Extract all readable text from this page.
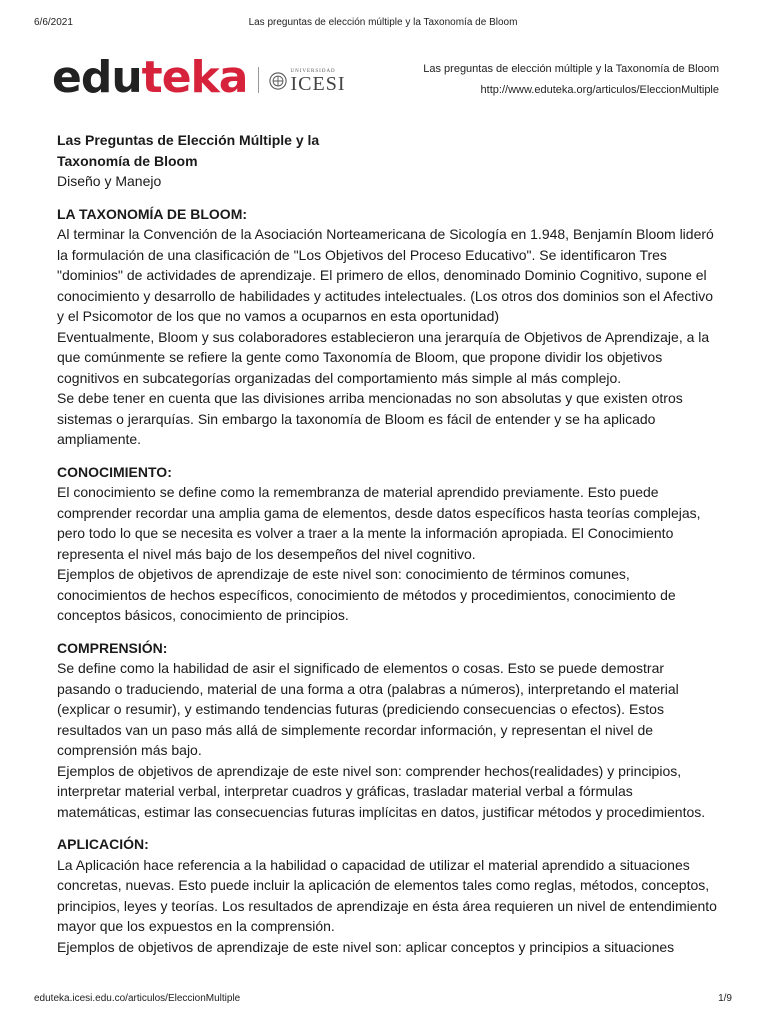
6/6/2021	Las preguntas de elección múltiple y la Taxonomía de Bloom
eduteka	UNIVERSIDAD
ICESI
Las preguntas de elección múltiple y la Taxonomía de Bloom
http://www.eduteka.org/articulos/EleccionMultiple

Las Preguntas de Elección Múltiple y la

Taxonomía de Bloom

Diseño y Manejo

LA TAXONOMÍA DE BLOOM:

Al terminar la Convención de la Asociación Norteamericana de Sicología en 1.948, Benjamín Bloom lideró la formulación de una clasificación de "Los Objetivos del Proceso Educativo". Se identificaron Tres "dominios" de actividades de aprendizaje. El primero de ellos, denominado Dominio Cognitivo, supone el conocimiento y desarrollo de habilidades y actitudes intelectuales. (Los otros dos dominios son el Afectivo y el Psicomotor de los que no vamos a ocuparnos en esta oportunidad)

Eventualmente, Bloom y sus colaboradores establecieron una jerarquía de Objetivos de Aprendizaje, a la que comúnmente se refiere la gente como Taxonomía de Bloom, que propone dividir los objetivos cognitivos en subcategorías organizadas del comportamiento más simple al más complejo.

Se debe tener en cuenta que las divisiones arriba mencionadas no son absolutas y que existen otros sistemas o jerarquías. Sin embargo la taxonomía de Bloom es fácil de entender y se ha aplicado ampliamente.

CONOCIMIENTO:

El conocimiento se define como la remembranza de material aprendido previamente. Esto puede comprender recordar una amplia gama de elementos, desde datos específicos hasta teorías complejas, pero todo lo que se necesita es volver a traer a la mente la información apropiada. El Conocimiento representa el nivel más bajo de los desempeños del nivel cognitivo.

Ejemplos de objetivos de aprendizaje de este nivel son: conocimiento de términos comunes, conocimientos de hechos específicos, conocimiento de métodos y procedimientos, conocimiento de conceptos básicos, conocimiento de principios.

COMPRENSIÓN:

Se define como la habilidad de asir el significado de elementos o cosas. Esto se puede demostrar pasando o traduciendo, material de una forma a otra (palabras a números), interpretando el material (explicar o resumir), y estimando tendencias futuras (prediciendo consecuencias o efectos). Estos resultados van un paso más allá de simplemente recordar información, y representan el nivel de comprensión más bajo.

Ejemplos de objetivos de aprendizaje de este nivel son: comprender hechos(realidades) y principios, interpretar material verbal, interpretar cuadros y gráficas, trasladar material verbal a fórmulas matemáticas, estimar las consecuencias futuras implícitas en datos, justificar métodos y procedimientos.

APLICACIÓN:

La Aplicación hace referencia a la habilidad o capacidad de utilizar el material aprendido a situaciones concretas, nuevas. Esto puede incluir la aplicación de elementos tales como reglas, métodos, conceptos, principios, leyes y teorías. Los resultados de aprendizaje en ésta área requieren un nivel de entendimiento mayor que los expuestos en la comprensión.

Ejemplos de objetivos de aprendizaje de este nivel son: aplicar conceptos y principios a situaciones

eduteka.icesi.edu.co/articulos/EleccionMultiple	1/9
